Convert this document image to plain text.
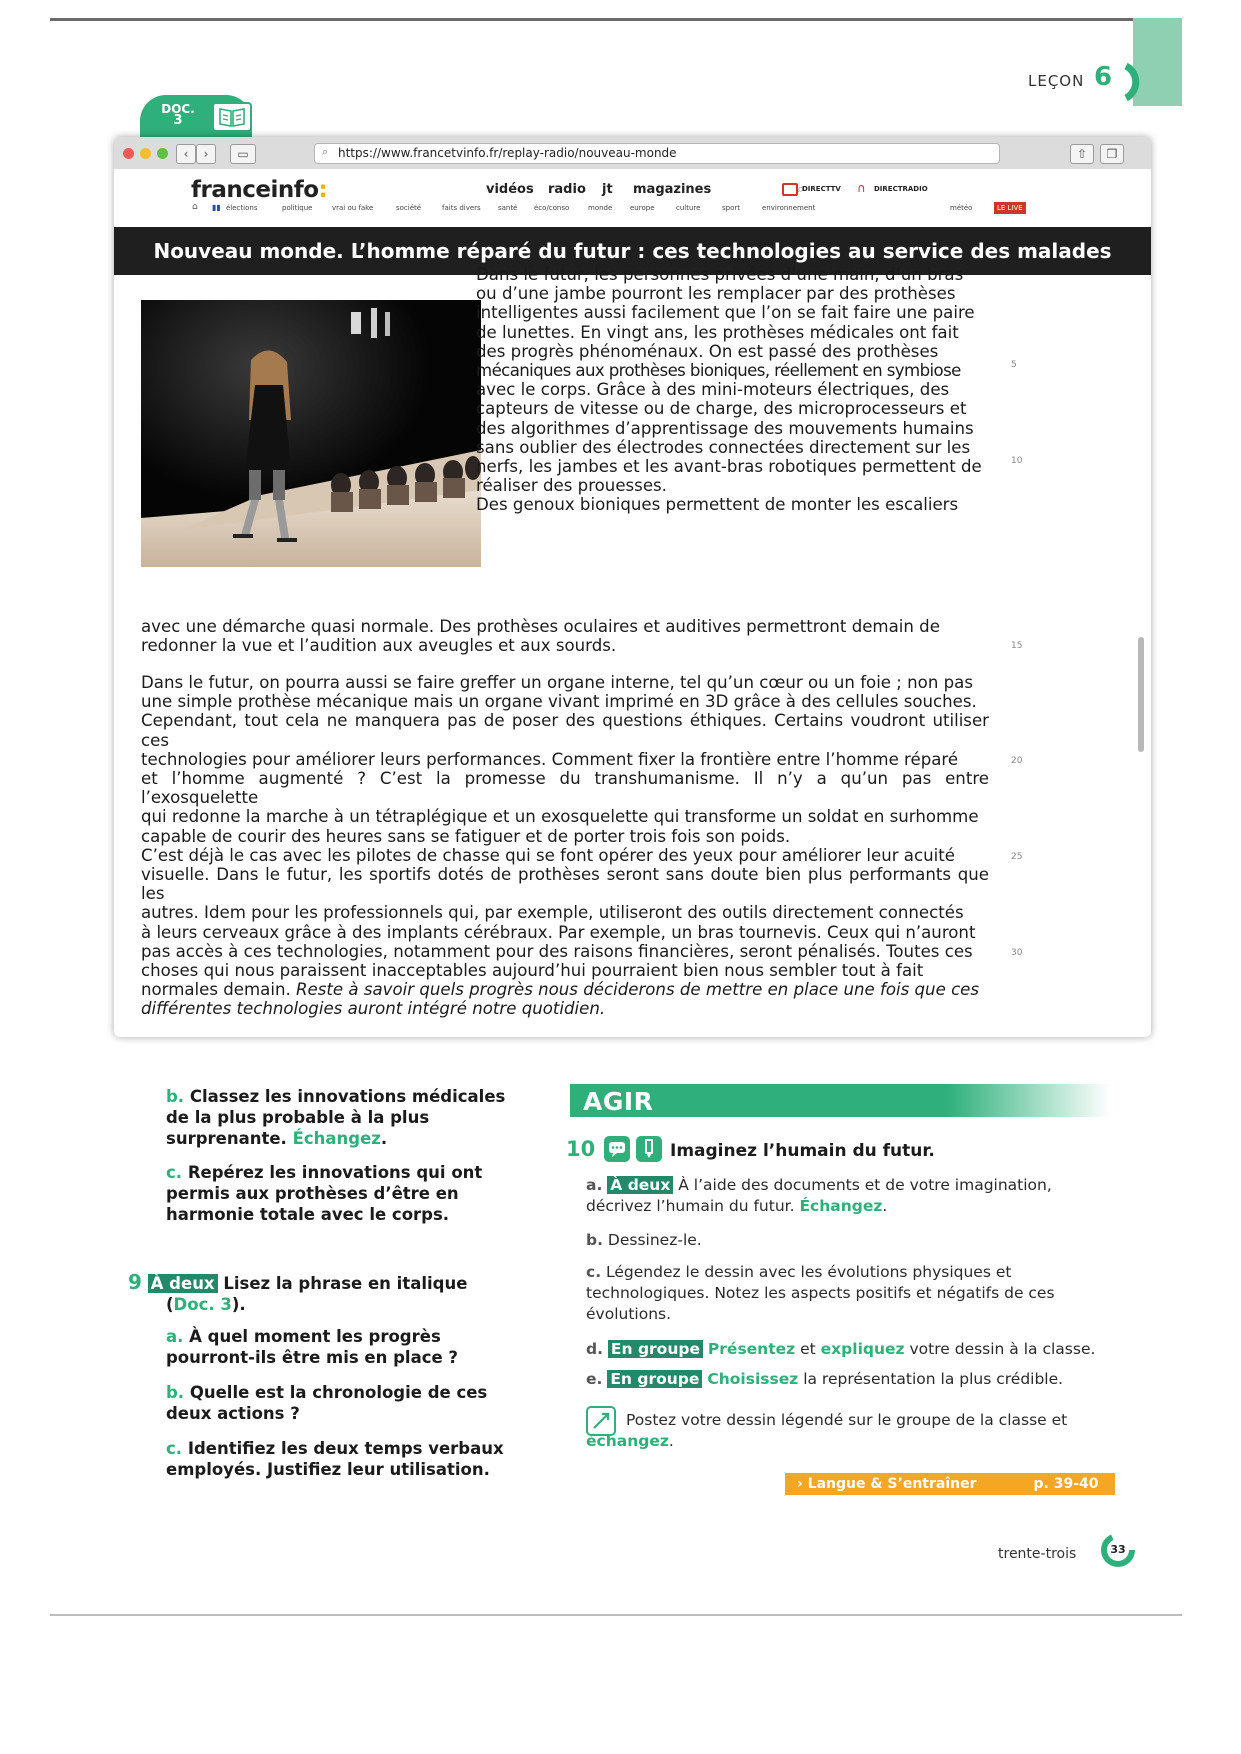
LEÇON 6
DOC.
3
‹	›	▭	⌕ https://www.francetvinfo.fr/replay-radio/nouveau-monde	⇧	❐
franceinfo:	vidéos radio jt magazines	⌕
DIRECTTV ∩ DIRECTRADIO
⌂ ▮▮ élections	politique	vrai ou fake	société	faits divers santé éco/conso	monde	europe	culture	sport	environnement	météo	LE LIVE
Nouveau monde. L’homme réparé du futur : ces technologies au service des malades
Dans le futur, les personnes privées d’une main, d’un bras
ou d’une jambe pourront les remplacer par des prothèses
intelligentes aussi facilement que l’on se fait faire une paire
de lunettes. En vingt ans, les prothèses médicales ont fait
des progrès phénoménaux. On est passé des prothèses
mécaniques aux prothèses bioniques, réellement en symbiose
avec le corps. Grâce à des mini-moteurs électriques, des
capteurs de vitesse ou de charge, des microprocesseurs et
des algorithmes d’apprentissage des mouvements humains
sans oublier des électrodes connectées directement sur les
nerfs, les jambes et les avant-bras robotiques permettent de
réaliser des prouesses.
Des genoux bioniques permettent de monter les escaliers
avec une démarche quasi normale. Des prothèses oculaires et auditives permettront demain de
redonner la vue et l’audition aux aveugles et aux sourds.
Dans le futur, on pourra aussi se faire greffer un organe interne, tel qu’un cœur ou un foie ; non pas
une simple prothèse mécanique mais un organe vivant imprimé en 3D grâce à des cellules souches.
Cependant, tout cela ne manquera pas de poser des questions éthiques. Certains voudront utiliser ces
technologies pour améliorer leurs performances. Comment fixer la frontière entre l’homme réparé
et l’homme augmenté ? C’est la promesse du transhumanisme. Il n’y a qu’un pas entre l’exosquelette
qui redonne la marche à un tétraplégique et un exosquelette qui transforme un soldat en surhomme
capable de courir des heures sans se fatiguer et de porter trois fois son poids.
C’est déjà le cas avec les pilotes de chasse qui se font opérer des yeux pour améliorer leur acuité
visuelle. Dans le futur, les sportifs dotés de prothèses seront sans doute bien plus performants que les
autres. Idem pour les professionnels qui, par exemple, utiliseront des outils directement connectés
à leurs cerveaux grâce à des implants cérébraux. Par exemple, un bras tournevis. Ceux qui n’auront
pas accès à ces technologies, notamment pour des raisons financières, seront pénalisés. Toutes ces
choses qui nous paraissent inacceptables aujourd’hui pourraient bien nous sembler tout à fait
normales demain. Reste à savoir quels progrès nous déciderons de mettre en place une fois que ces
différentes technologies auront intégré notre quotidien.
5
10
15
20
25
30
b. Classez les innovations médicales
de la plus probable à la plus
surprenante. Échangez.
c. Repérez les innovations qui ont
permis aux prothèses d’être en
harmonie totale avec le corps.
9 À deux Lisez la phrase en italique
(Doc. 3).
a. À quel moment les progrès
pourront-ils être mis en place ?
b. Quelle est la chronologie de ces
deux actions ?
c. Identifiez les deux temps verbaux
employés. Justifiez leur utilisation.
AGIR
10	Imaginez l’humain du futur.
a. À deux À l’aide des documents et de votre imagination,
décrivez l’humain du futur. Échangez.
b. Dessinez-le.
c. Légendez le dessin avec les évolutions physiques et
technologiques. Notez les aspects positifs et négatifs de ces
évolutions.
d. En groupe Présentez et expliquez votre dessin à la classe.
e. En groupe Choisissez la représentation la plus crédible.
Postez votre dessin légendé sur le groupe de la classe et
échangez.
› Langue & S’entraîner	p. 39-40
trente-trois	33
